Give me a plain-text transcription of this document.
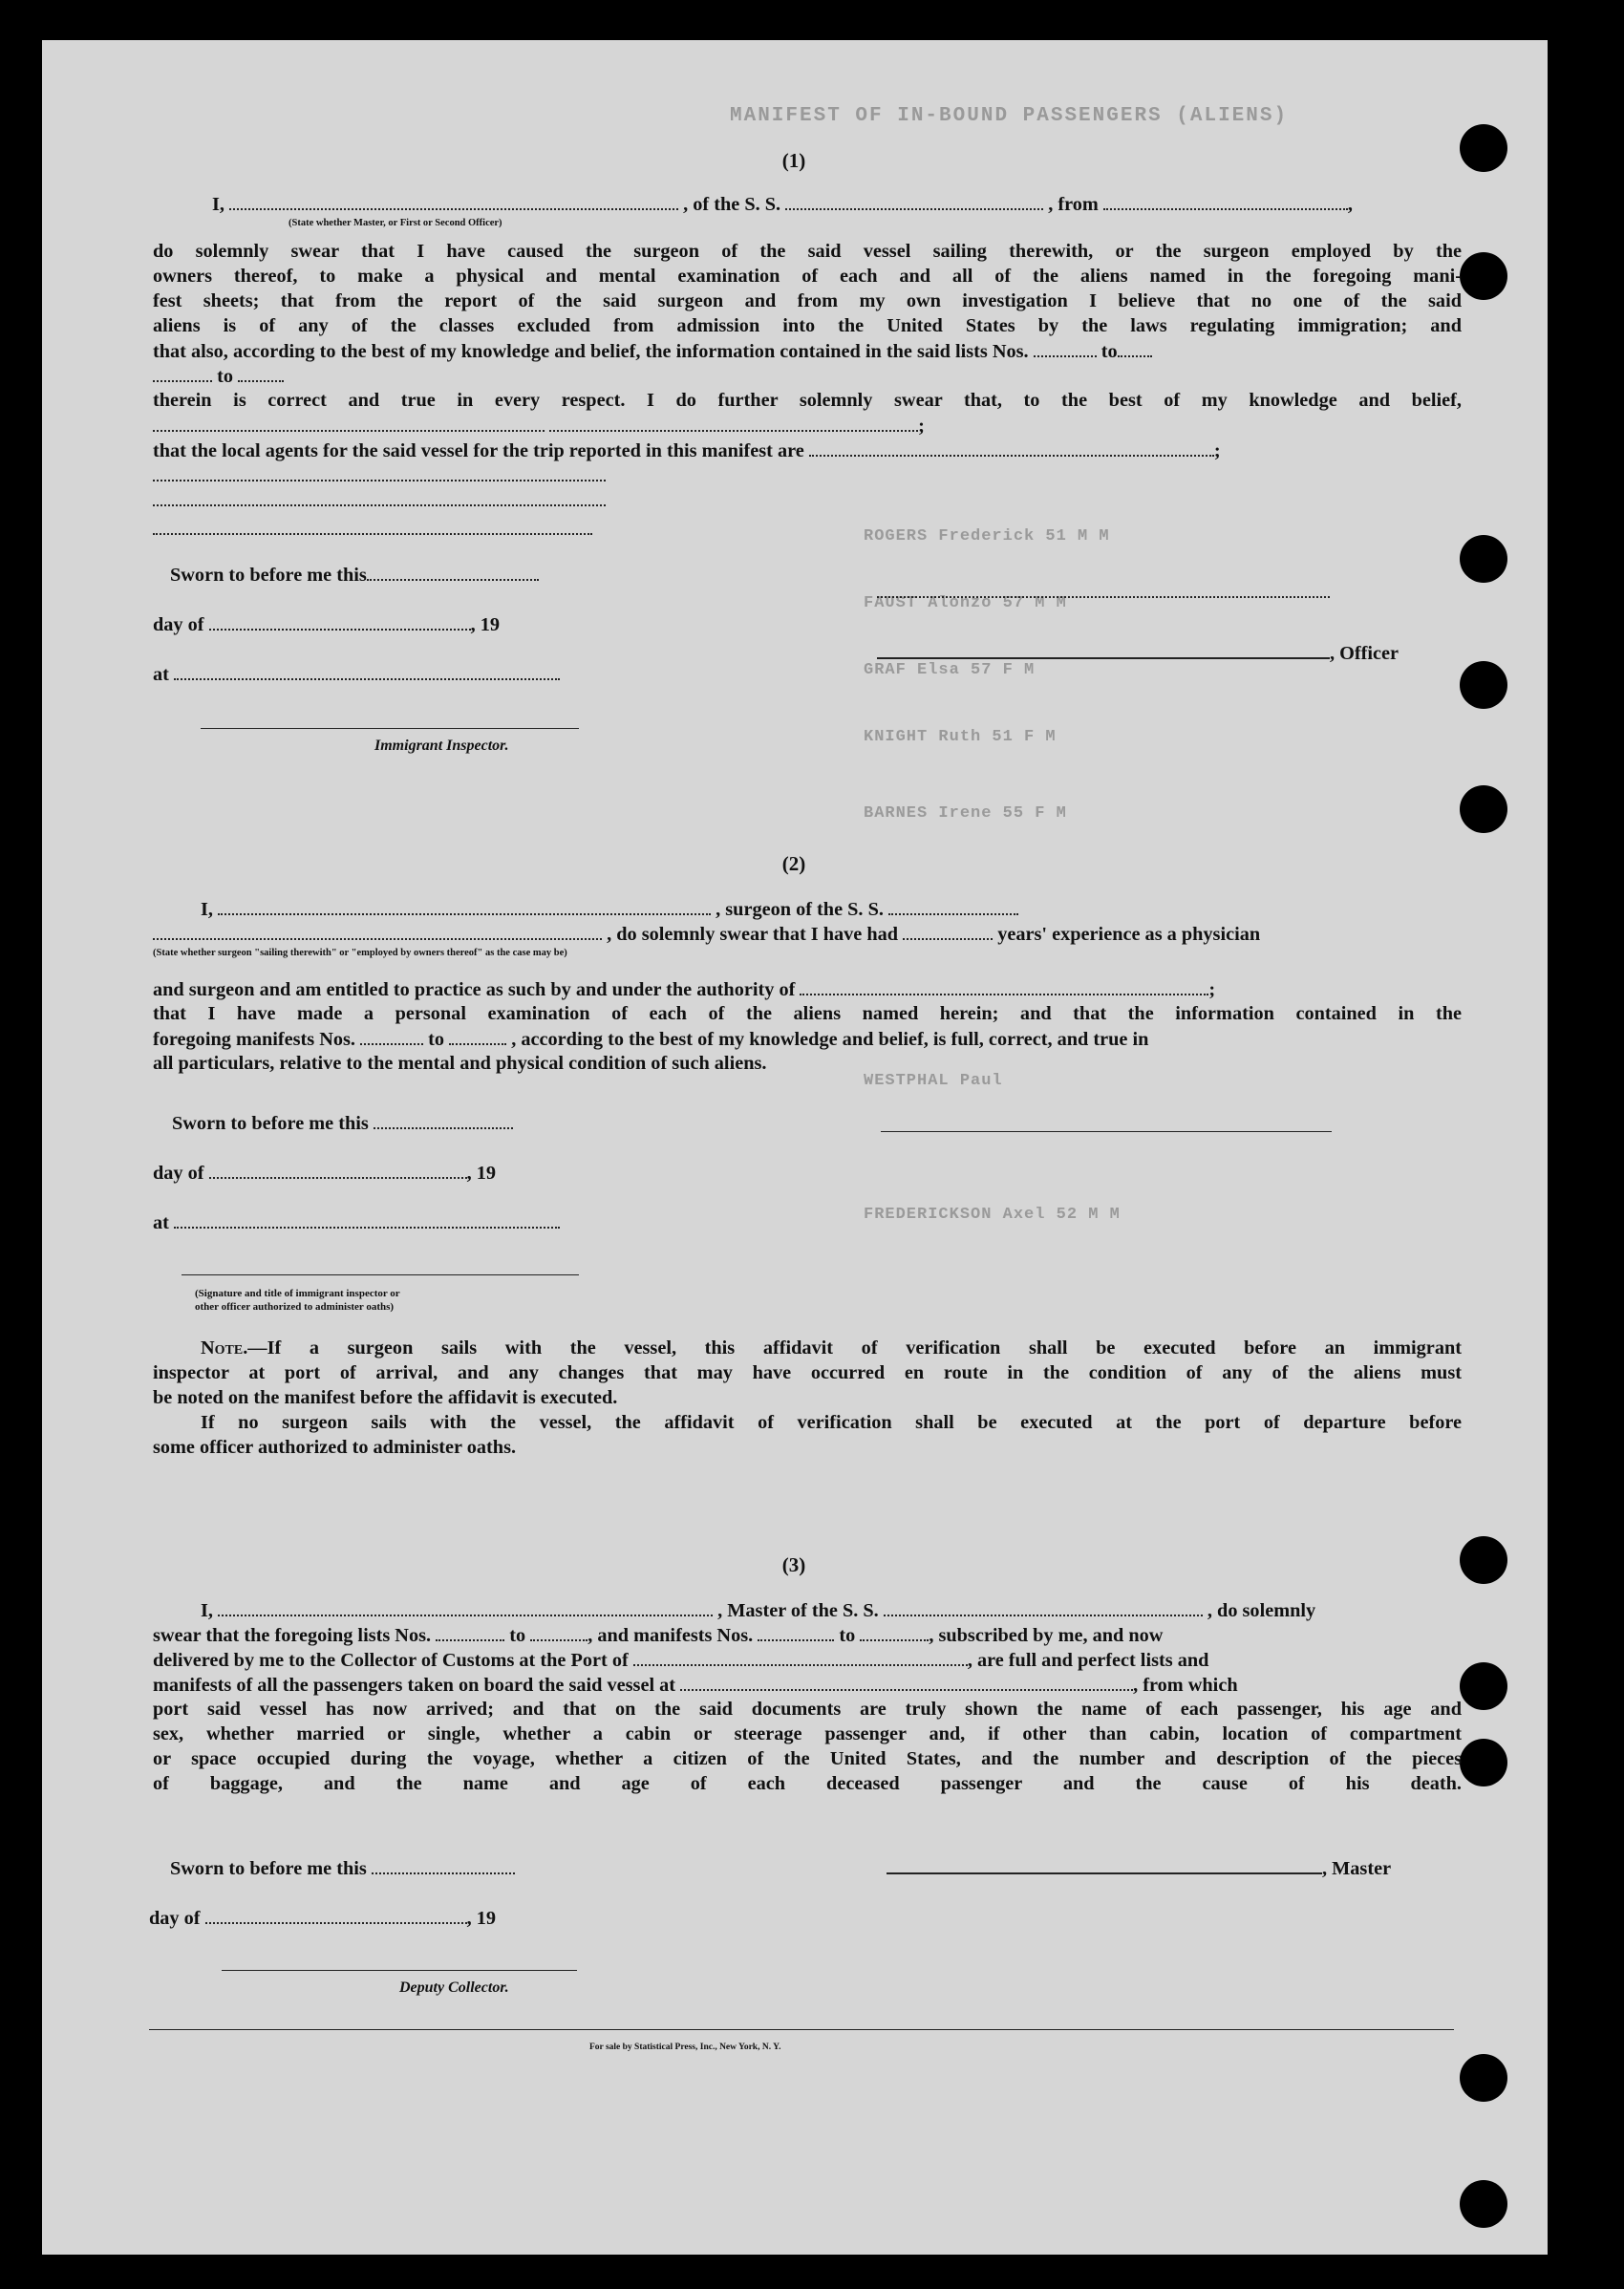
MANIFEST OF IN-BOUND PASSENGERS (ALIENS)
ROGERS Frederick 51 M M
FAUST Alonzo 57 M M
GRAF Elsa 57 F M
KNIGHT Ruth 51 F M
BARNES Irene 55 F M
WESTPHAL Paul
FREDERICKSON Axel 52 M M
(1)
I,	, of the S. S.	, from	,
(State whether Master, or First or Second Officer)
do solemnly swear that I have caused the surgeon of the said vessel sailing therewith, or the surgeon employed by the
owners thereof, to make a physical and mental examination of each and all of the aliens named in the foregoing mani-
fest sheets; that from the report of the said surgeon and from my own investigation I believe that no one of the said
aliens is of any of the classes excluded from admission into the United States by the laws regulating immigration; and
that also, according to the best of my knowledge and belief, the information contained in the said lists Nos.	to
to
therein is correct and true in every respect. I do further solemnly swear that, to the best of my knowledge and belief,
;
that the local agents for the said vessel for the trip reported in this manifest are	;
Sworn to before me this
day of	, 19
at
Immigrant Inspector.
, Officer
(2)
I,	, surgeon of the S. S.
, do solemnly swear that I have had	years' experience as a physician
(State whether surgeon "sailing therewith" or "employed by owners thereof" as the case may be)
and surgeon and am entitled to practice as such by and under the authority of	;
that I have made a personal examination of each of the aliens named herein; and that the information contained in the
foregoing manifests Nos.	to	, according to the best of my knowledge and belief, is full, correct, and true in
all particulars, relative to the mental and physical condition of such aliens.
Sworn to before me this
day of	, 19
at
(Signature and title of immigrant inspector or
other officer authorized to administer oaths)
Note.—If a surgeon sails with the vessel, this affidavit of verification shall be executed before an immigrant
inspector at port of arrival, and any changes that may have occurred en route in the condition of any of the aliens must
be noted on the manifest before the affidavit is executed.
If no surgeon sails with the vessel, the affidavit of verification shall be executed at the port of departure before
some officer authorized to administer oaths.
(3)
I,	, Master of the S. S.	, do solemnly
swear that the foregoing lists Nos.	to	, and manifests Nos.	to	, subscribed by me, and now
delivered by me to the Collector of Customs at the Port of	, are full and perfect lists and
manifests of all the passengers taken on board the said vessel at	, from which
port said vessel has now arrived; and that on the said documents are truly shown the name of each passenger, his age and
sex, whether married or single, whether a cabin or steerage passenger and, if other than cabin, location of compartment
or space occupied during the voyage, whether a citizen of the United States, and the number and description of the pieces
of baggage, and the name and age of each deceased passenger and the cause of his death.
Sworn to before me this	, Master
day of	, 19
Deputy Collector.
For sale by Statistical Press, Inc., New York, N. Y.
